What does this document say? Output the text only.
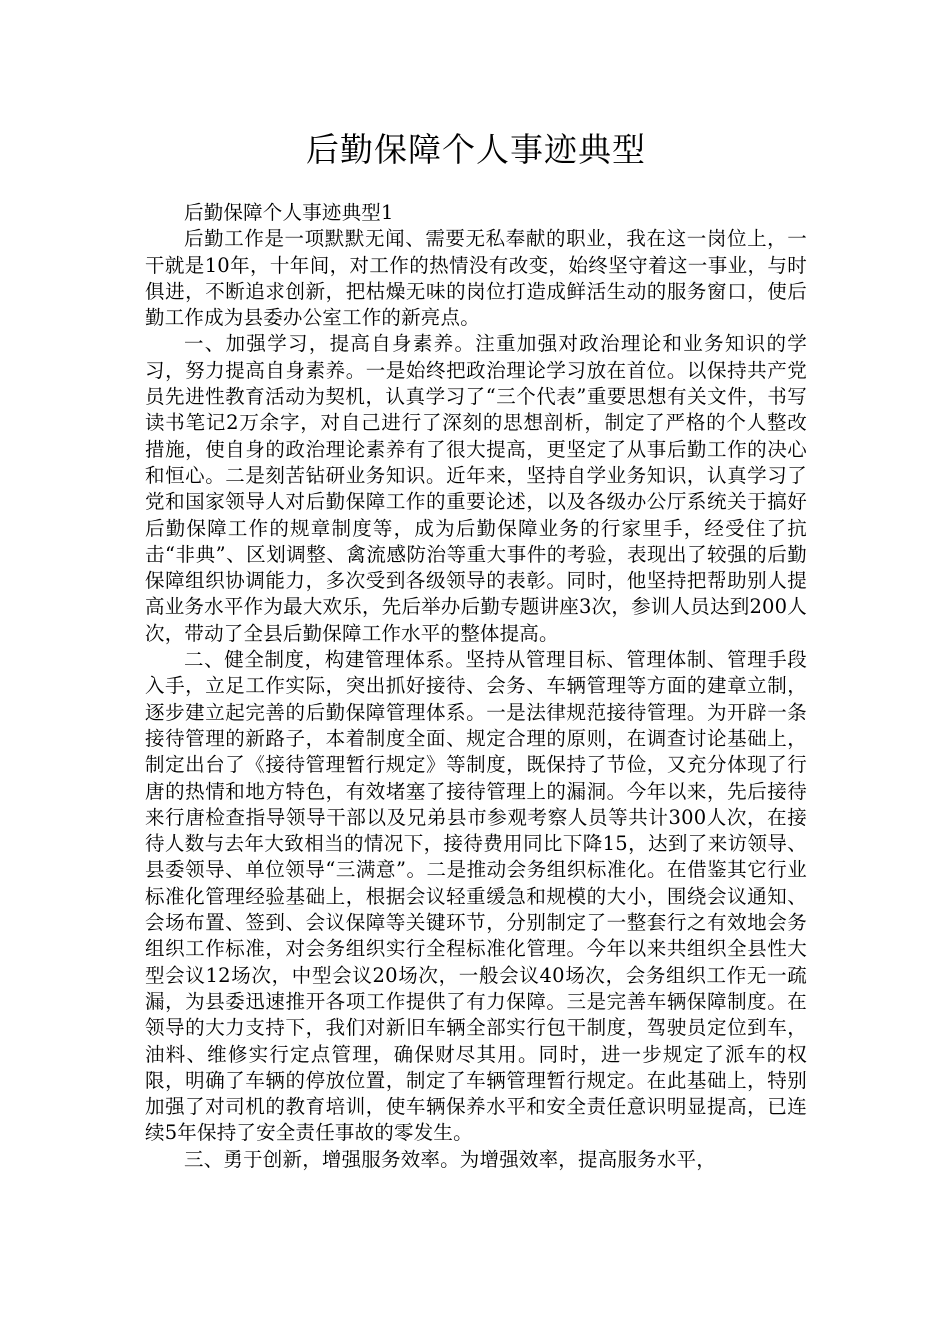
后勤保障个人事迹典型

后勤保障个人事迹典型1

后勤工作是一项默默无闻、需要无私奉献的职业，我在这一岗位上，一干就是10年，十年间，对工作的热情没有改变，始终坚守着这一事业，与时俱进，不断追求创新，把枯燥无味的岗位打造成鲜活生动的服务窗口，使后勤工作成为县委办公室工作的新亮点。

一、加强学习，提高自身素养。注重加强对政治理论和业务知识的学习，努力提高自身素养。一是始终把政治理论学习放在首位。以保持共产党员先进性教育活动为契机，认真学习了“三个代表”重要思想有关文件，书写读书笔记2万余字，对自己进行了深刻的思想剖析，制定了严格的个人整改措施，使自身的政治理论素养有了很大提高，更坚定了从事后勤工作的决心和恒心。二是刻苦钻研业务知识。近年来，坚持自学业务知识，认真学习了党和国家领导人对后勤保障工作的重要论述，以及各级办公厅系统关于搞好后勤保障工作的规章制度等，成为后勤保障业务的行家里手，经受住了抗击“非典”、区划调整、禽流感防治等重大事件的考验，表现出了较强的后勤保障组织协调能力，多次受到各级领导的表彰。同时，他坚持把帮助别人提高业务水平作为最大欢乐，先后举办后勤专题讲座3次，参训人员达到200人次，带动了全县后勤保障工作水平的整体提高。

二、健全制度，构建管理体系。坚持从管理目标、管理体制、管理手段入手，立足工作实际，突出抓好接待、会务、车辆管理等方面的建章立制，逐步建立起完善的后勤保障管理体系。一是法律规范接待管理。为开辟一条接待管理的新路子，本着制度全面、规定合理的原则，在调查讨论基础上，制定出台了《接待管理暂行规定》等制度，既保持了节俭，又充分体现了行唐的热情和地方特色，有效堵塞了接待管理上的漏洞。今年以来，先后接待来行唐检查指导领导干部以及兄弟县市参观考察人员等共计300人次，在接待人数与去年大致相当的情况下，接待费用同比下降15，达到了来访领导、县委领导、单位领导“三满意”。二是推动会务组织标准化。在借鉴其它行业标准化管理经验基础上，根据会议轻重缓急和规模的大小，围绕会议通知、会场布置、签到、会议保障等关键环节，分别制定了一整套行之有效地会务组织工作标准，对会务组织实行全程标准化管理。今年以来共组织全县性大型会议12场次，中型会议20场次，一般会议40场次，会务组织工作无一疏漏，为县委迅速推开各项工作提供了有力保障。三是完善车辆保障制度。在领导的大力支持下，我们对新旧车辆全部实行包干制度，驾驶员定位到车，油料、维修实行定点管理，确保财尽其用。同时，进一步规定了派车的权限，明确了车辆的停放位置，制定了车辆管理暂行规定。在此基础上，特别加强了对司机的教育培训，使车辆保养水平和安全责任意识明显提高，已连续5年保持了安全责任事故的零发生。

三、勇于创新，增强服务效率。为增强效率，提高服务水平，
